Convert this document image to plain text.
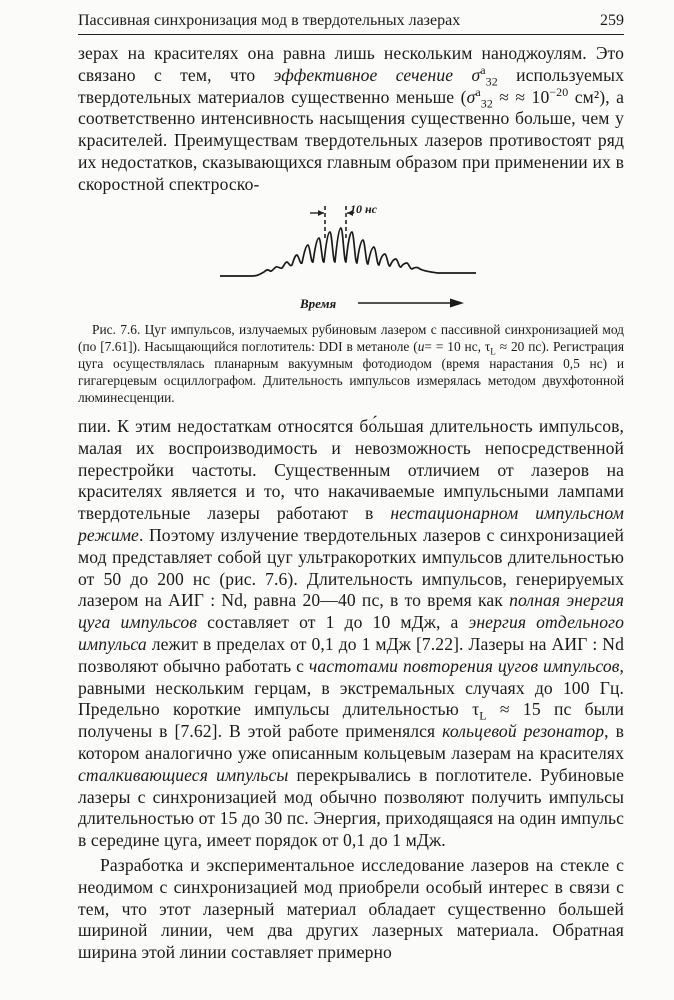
Пассивная синхронизация мод в твердотельных лазерах	259

зерах на красителях она равна лишь нескольким наноджоулям. Это связано с тем, что эффективное сечение $\sigma^a_{32}$ используемых твердотельных материалов существенно меньше ($\sigma^a_{32}$ ≈ ≈ $10^{-20}$ см²), а соответственно интенсивность насыщения существенно больше, чем у красителей. Преимуществам твердотельных лазеров противостоят ряд их недостатков, сказывающихся главным образом при применении их в скоростной спектроско-

10 нс
Время

Рис. 7.6. Цуг импульсов, излучаемых рубиновым лазером с пассивной синхронизацией мод (по [7.61]). Насыщающийся поглотитель: DDI в метаноле (u= = 10 нс, $\tau_L \approx 20$ пс). Регистрация цуга осуществлялась планарным вакуумным фотодиодом (время нарастания 0,5 нс) и гигагерцевым осциллографом. Длительность импульсов измерялась методом двухфотонной люминесценции.

пии. К этим недостаткам относятся бо́льшая длительность импульсов, малая их воспроизводимость и невозможность непосредственной перестройки частоты. Существенным отличием от лазеров на красителях является и то, что накачиваемые импульсными лампами твердотельные лазеры работают в нестационарном импульсном режиме. Поэтому излучение твердотельных лазеров с синхронизацией мод представляет собой цуг ультракоротких импульсов длительностью от 50 до 200 нс (рис. 7.6). Длительность импульсов, генерируемых лазером на АИГ : Nd, равна 20—40 пс, в то время как полная энергия цуга импульсов составляет от 1 до 10 мДж, а энергия отдельного импульса лежит в пределах от 0,1 до 1 мДж [7.22]. Лазеры на АИГ : Nd позволяют обычно работать с частотами повторения цугов импульсов, равными нескольким герцам, в экстремальных случаях до 100 Гц. Предельно короткие импульсы длительностью $\tau_L \approx 15$ пс были получены в [7.62]. В этой работе применялся кольцевой резонатор, в котором аналогично уже описанным кольцевым лазерам на красителях сталкивающиеся импульсы перекрывались в поглотителе. Рубиновые лазеры с синхронизацией мод обычно позволяют получить импульсы длительностью от 15 до 30 пс. Энергия, приходящаяся на один импульс в середине цуга, имеет порядок от 0,1 до 1 мДж.

Разработка и экспериментальное исследование лазеров на стекле с неодимом с синхронизацией мод приобрели особый интерес в связи с тем, что этот лазерный материал обладает существенно большей шириной линии, чем два других лазерных материала. Обратная ширина этой линии составляет примерно
